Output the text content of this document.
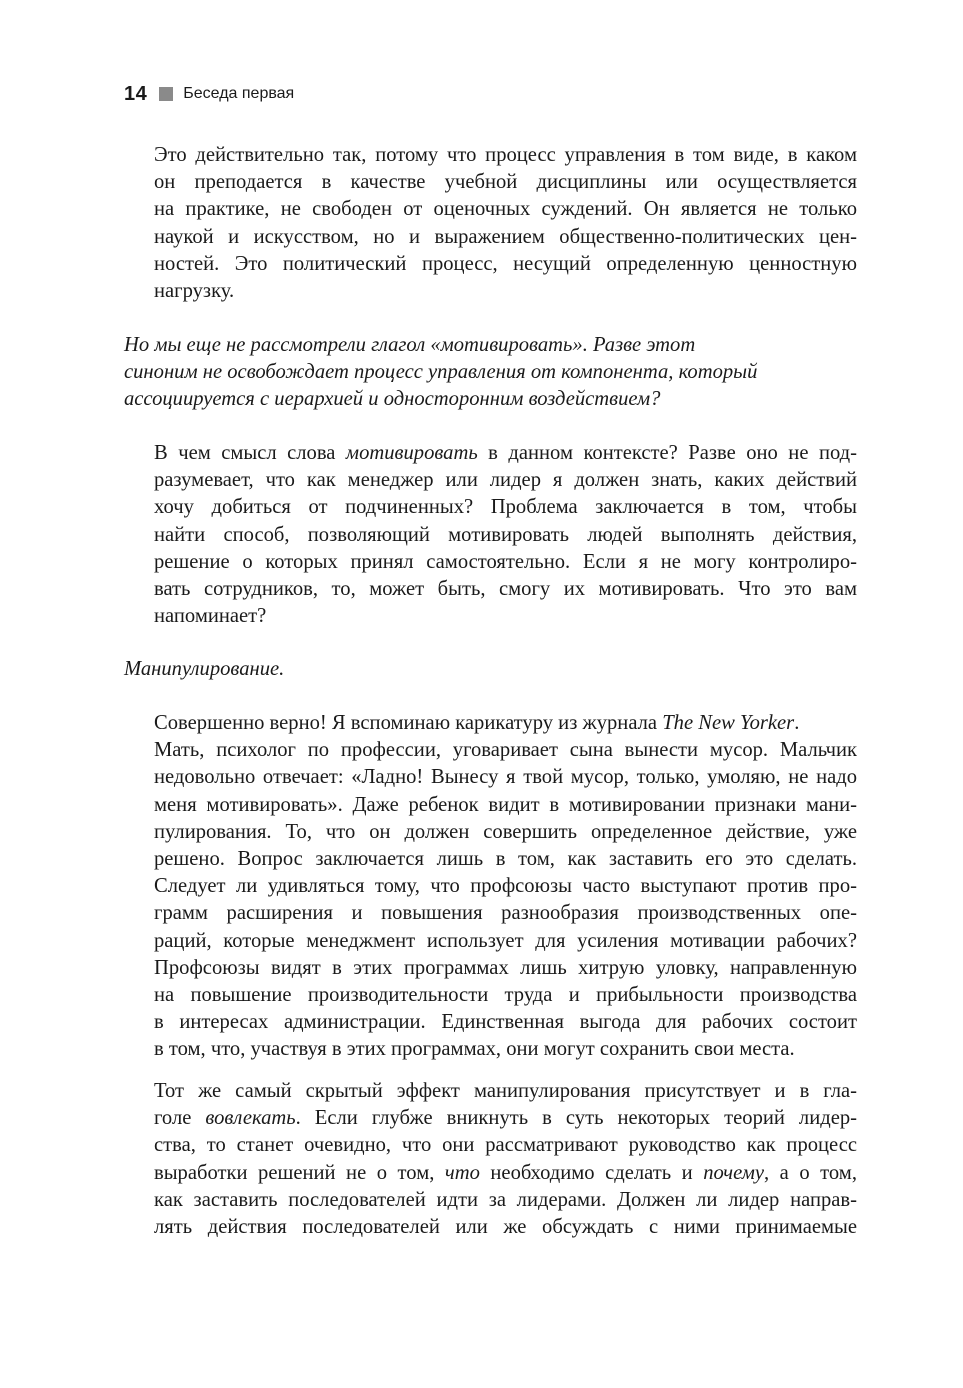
14 Беседа первая
Это действительно так, потому что процесс управления в том виде, в каком
он преподается в качестве учебной дисциплины или осуществляется
на практике, не свободен от оценочных суждений. Он является не только
наукой и искусством, но и выражением общественно-политических цен-
ностей. Это политический процесс, несущий определенную ценностную
нагрузку.
Но мы еще не рассмотрели глагол «мотивировать». Разве этот
синоним не освобождает процесс управления от компонента, который
ассоциируется с иерархией и односторонним воздействием?
В чем смысл слова мотивировать в данном контексте? Разве оно не под-
разумевает, что как менеджер или лидер я должен знать, каких действий
хочу добиться от подчиненных? Проблема заключается в том, чтобы
найти способ, позволяющий мотивировать людей выполнять действия,
решение о которых принял самостоятельно. Если я не могу контролиро-
вать сотрудников, то, может быть, смогу их мотивировать. Что это вам
напоминает?
Манипулирование.
Совершенно верно! Я вспоминаю карикатуру из журнала The New Yorker.
Мать, психолог по профессии, уговаривает сына вынести мусор. Мальчик
недовольно отвечает: «Ладно! Вынесу я твой мусор, только, умоляю, не надо
меня мотивировать». Даже ребенок видит в мотивировании признаки мани-
пулирования. То, что он должен совершить определенное действие, уже
решено. Вопрос заключается лишь в том, как заставить его это сделать.
Следует ли удивляться тому, что профсоюзы часто выступают против про-
грамм расширения и повышения разнообразия производственных опе-
раций, которые менеджмент использует для усиления мотивации рабочих?
Профсоюзы видят в этих программах лишь хитрую уловку, направленную
на повышение производительности труда и прибыльности производства
в интересах администрации. Единственная выгода для рабочих состоит
в том, что, участвуя в этих программах, они могут сохранить свои места.
Тот же самый скрытый эффект манипулирования присутствует и в гла-
голе вовлекать. Если глубже вникнуть в суть некоторых теорий лидер-
ства, то станет очевидно, что они рассматривают руководство как процесс
выработки решений не о том, что необходимо сделать и почему, а о том,
как заставить последователей идти за лидерами. Должен ли лидер направ-
лять действия последователей или же обсуждать с ними принимаемые
